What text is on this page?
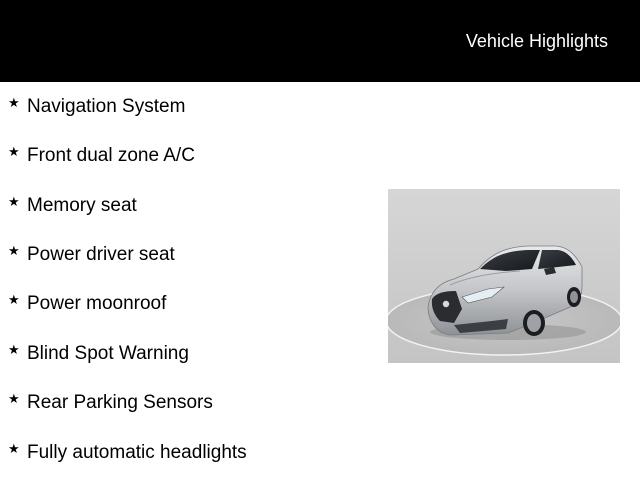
Vehicle Highlights
★ Navigation System
★ Front dual zone A/C
★ Memory seat
★ Power driver seat
★ Power moonroof
★ Blind Spot Warning
★ Rear Parking Sensors
★ Fully automatic headlights
